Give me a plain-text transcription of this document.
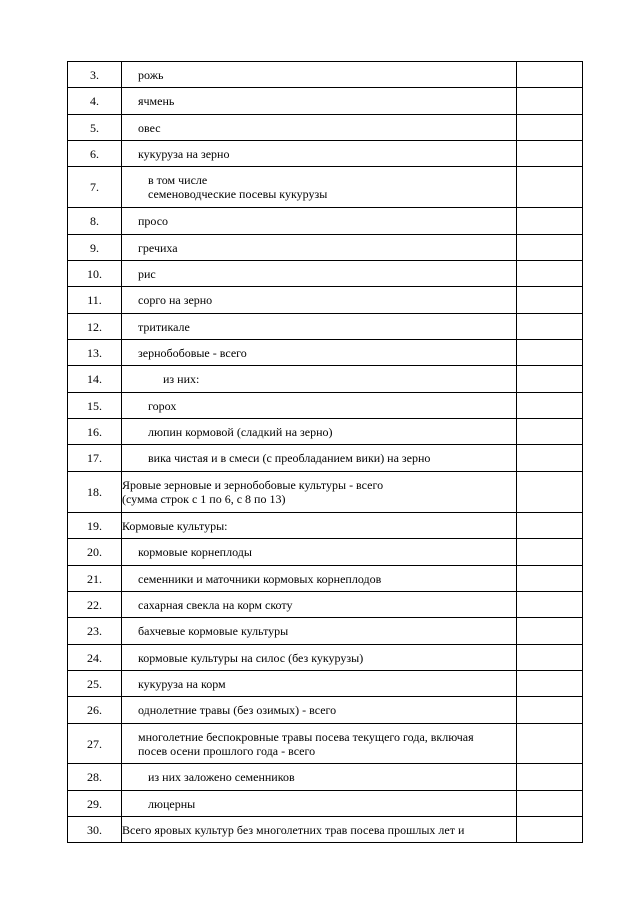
3.	рожь	

4.	ячмень	

5.	овес	

6.	кукуруза на зерно	

7.	в том числе
семеноводческие посевы кукурузы	

8.	просо	

9.	гречиха	

10.	рис	

11.	сорго на зерно	

12.	тритикале	

13.	зернобобовые - всего	

14.	из них:	

15.	горох	

16.	люпин кормовой (сладкий на зерно)	

17.	вика чистая и в смеси (с преобладанием вики) на зерно	

18.	Яровые зерновые и зернобобовые культуры - всего
(сумма строк с 1 по 6, с 8 по 13)	

19.	Кормовые культуры:	

20.	кормовые корнеплоды	

21.	семенники и маточники кормовых корнеплодов	

22.	сахарная свекла на корм скоту	

23.	бахчевые кормовые культуры	

24.	кормовые культуры на силос (без кукурузы)	

25.	кукуруза на корм	

26.	однолетние травы (без озимых) - всего	

27.	многолетние беспокровные травы посева текущего года, включая
посев осени прошлого года - всего	

28.	из них заложено семенников	

29.	люцерны	

30.	Всего яровых культур без многолетних трав посева прошлых лет и	
